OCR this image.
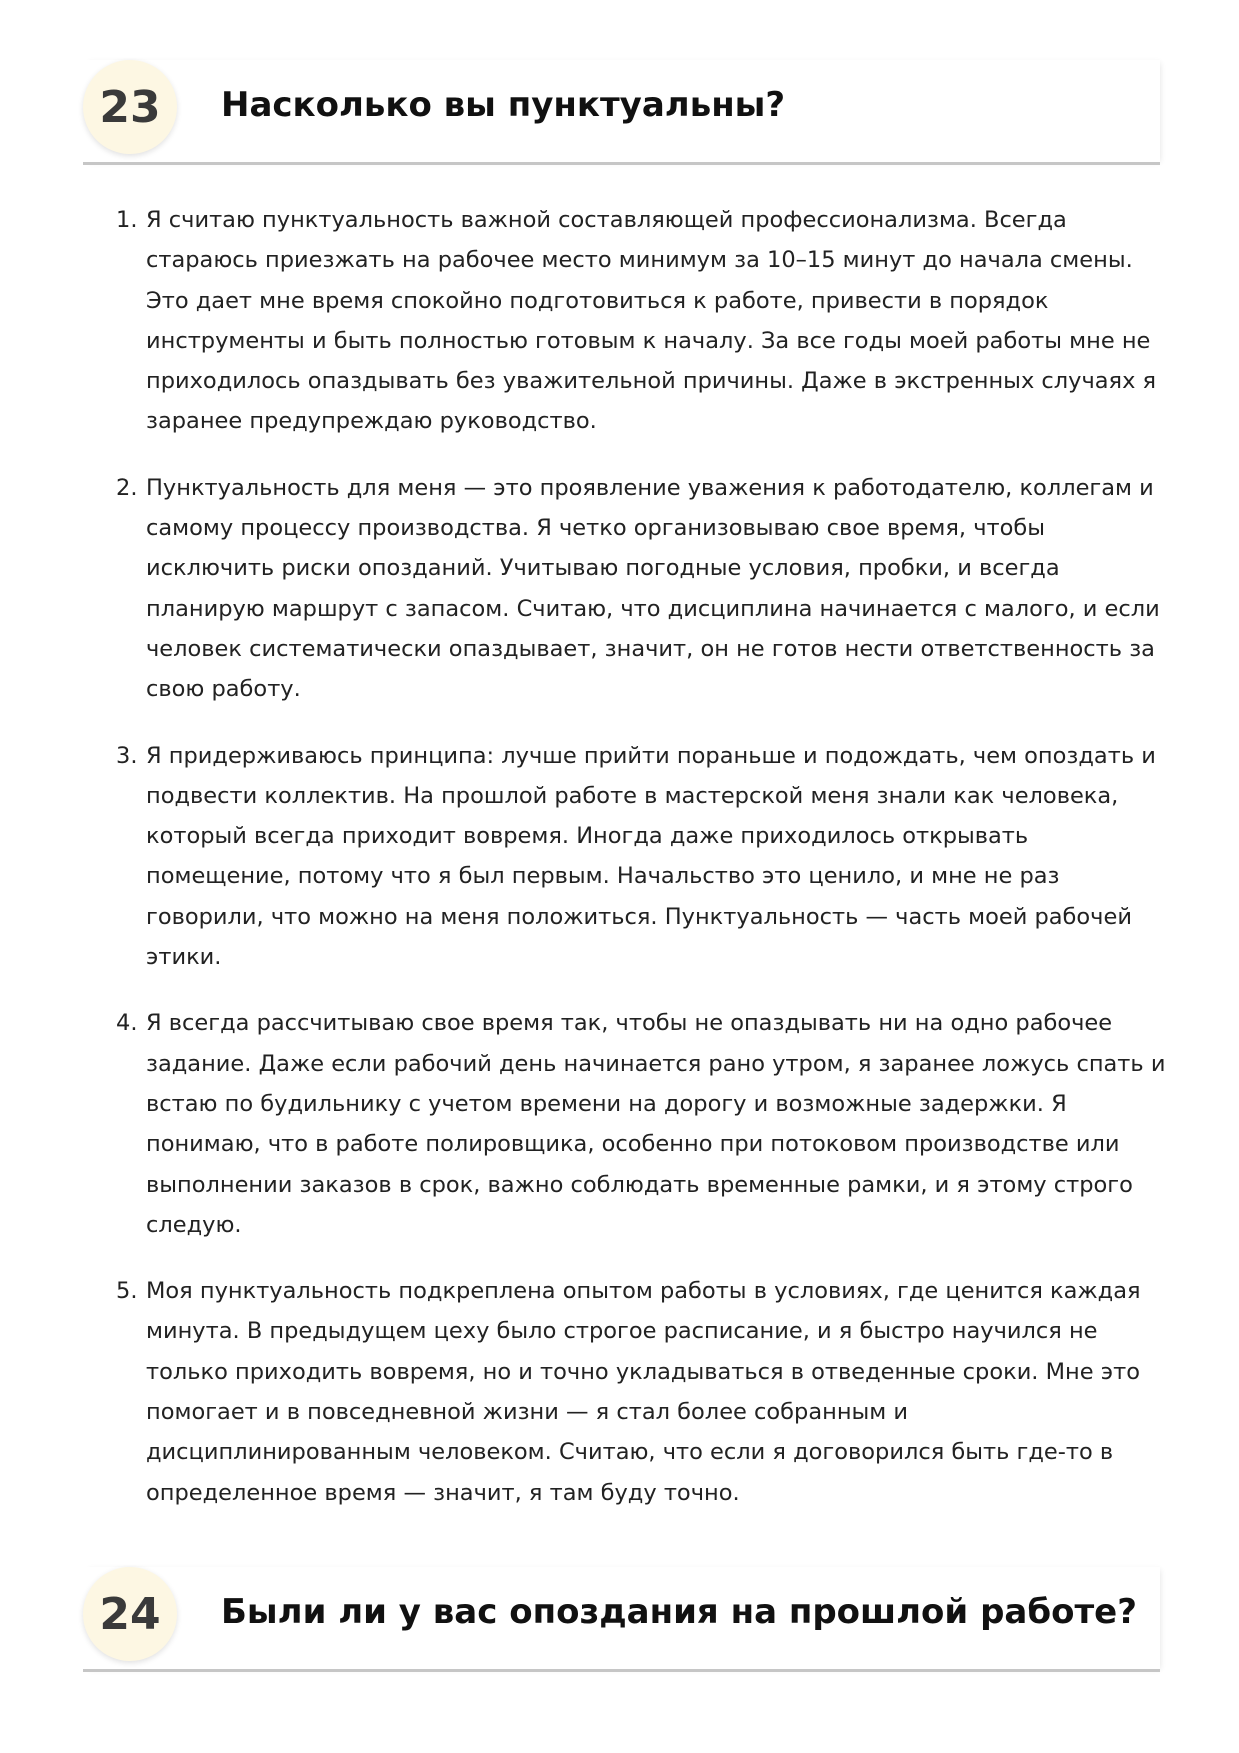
23	Насколько вы пунктуальны?
1. Я считаю пунктуальность важной составляющей профессионализма. Всегда стараюсь приезжать на рабочее место минимум за 10–15 минут до начала смены. Это дает мне время спокойно подготовиться к работе, привести в порядок инструменты и быть полностью готовым к началу. За все годы моей работы мне не приходилось опаздывать без уважительной причины. Даже в экстренных случаях я заранее предупреждаю руководство.
2. Пунктуальность для меня — это проявление уважения к работодателю, коллегам и самому процессу производства. Я четко организовываю свое время, чтобы исключить риски опозданий. Учитываю погодные условия, пробки, и всегда планирую маршрут с запасом. Считаю, что дисциплина начинается с малого, и если человек систематически опаздывает, значит, он не готов нести ответственность за свою работу.
3. Я придерживаюсь принципа: лучше прийти пораньше и подождать, чем опоздать и подвести коллектив. На прошлой работе в мастерской меня знали как человека, который всегда приходит вовремя. Иногда даже приходилось открывать помещение, потому что я был первым. Начальство это ценило, и мне не раз говорили, что можно на меня положиться. Пунктуальность — часть моей рабочей этики.
4. Я всегда рассчитываю свое время так, чтобы не опаздывать ни на одно рабочее задание. Даже если рабочий день начинается рано утром, я заранее ложусь спать и встаю по будильнику с учетом времени на дорогу и возможные задержки. Я понимаю, что в работе полировщика, особенно при потоковом производстве или выполнении заказов в срок, важно соблюдать временные рамки, и я этому строго следую.
5. Моя пунктуальность подкреплена опытом работы в условиях, где ценится каждая минута. В предыдущем цеху было строгое расписание, и я быстро научился не только приходить вовремя, но и точно укладываться в отведенные сроки. Мне это помогает и в повседневной жизни — я стал более собранным и дисциплинированным человеком. Считаю, что если я договорился быть где-то в определенное время — значит, я там буду точно.
24	Были ли у вас опоздания на прошлой работе?
